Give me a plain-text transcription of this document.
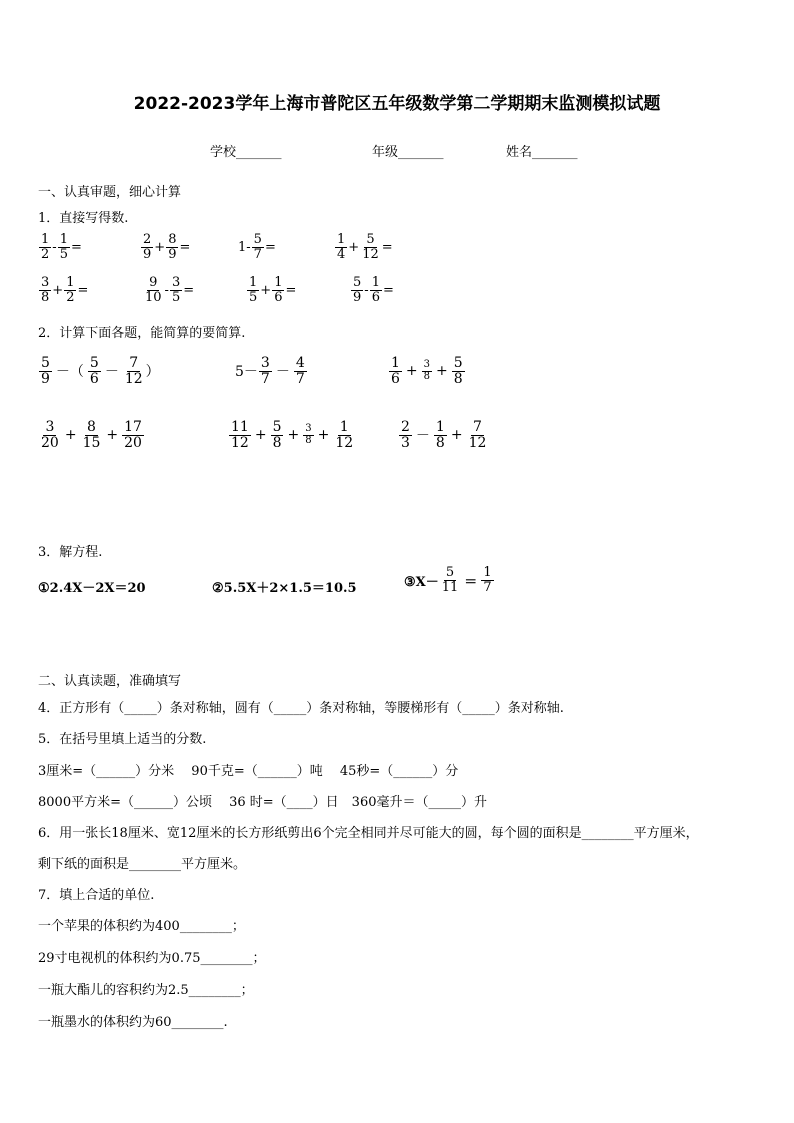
2022-2023学年上海市普陀区五年级数学第二学期期末监测模拟试题
学校_______	年级_______	姓名_______
一、认真审题，细心计算
1．直接写得数.
$\frac{1}{2} - \frac{1}{5}$ =	$\frac{2}{9} + \frac{8}{9}$ =	$1- \frac{5}{7}$ =	$\frac{1}{4} + \frac{5}{12}$ =
$\frac{3}{8} + \frac{1}{2}$ =	$\frac{9}{10} - \frac{3}{5}$ =	$\frac{1}{5} + \frac{1}{6}$ =	$\frac{5}{9} - \frac{1}{6}$ =
2．计算下面各题，能简算的要简算.
$\frac{5}{9}$ －（ $\frac{5}{6} - \frac{7}{12}$ ）	$5- \frac{3}{7} - \frac{4}{7}$	$\frac{1}{6} + \frac{3}{8} + \frac{5}{8}$
$\frac{3}{20} + \frac{8}{15} + \frac{17}{20}$	$\frac{11}{12} + \frac{5}{8} + \frac{3}{8} + \frac{1}{12}$	$\frac{2}{3} - \frac{1}{8} + \frac{7}{12}$
3．解方程.
①2.4X－2X＝20	②5.5X＋2×1.5＝10.5	③X－ $\frac{5}{11} = \frac{1}{7}$
二、认真读题，准确填写
4．正方形有（_____）条对称轴，圆有（_____）条对称轴，等腰梯形有（_____）条对称轴.
5．在括号里填上适当的分数.
3厘米=（______）分米　 90千克=（______）吨　 45秒=（______）分
8000平方米=（______）公顷　 36 时=（____）日　360毫升＝（_____）升
6．用一张长18厘米、宽12厘米的长方形纸剪出6个完全相同并尽可能大的圆，每个圆的面积是________平方厘米，
剩下纸的面积是________平方厘米。
7．填上合适的单位.
一个苹果的体积约为400________；
29寸电视机的体积约为0.75________；
一瓶大酯儿的容积约为2.5________；
一瓶墨水的体积约为60________.
